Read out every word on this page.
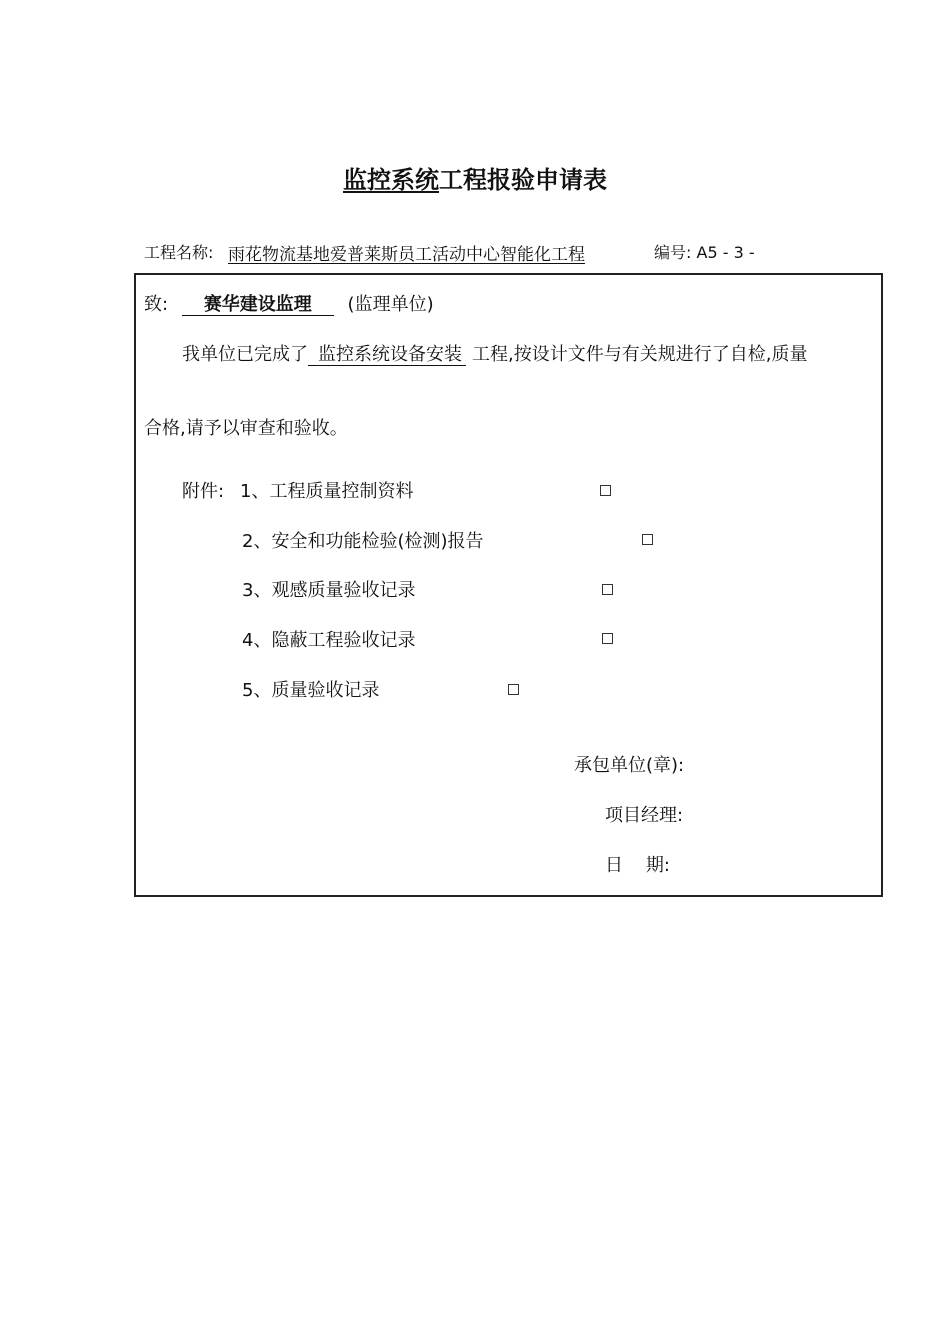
监控系统工程报验申请表
工程名称: 雨花物流基地爱普莱斯员工活动中心智能化工程	编号: A5 - 3 -
致: 赛华建设监理 (监理单位)
我单位已完成了 监控系统设备安装 工程,按设计文件与有关规进行了自检,质量
合格,请予以审查和验收。
附件: 1、工程质量控制资料
2、安全和功能检验(检测)报告
3、观感质量验收记录
4、隐蔽工程验收记录
5、质量验收记录
承包单位(章):
项目经理:
日    期:
